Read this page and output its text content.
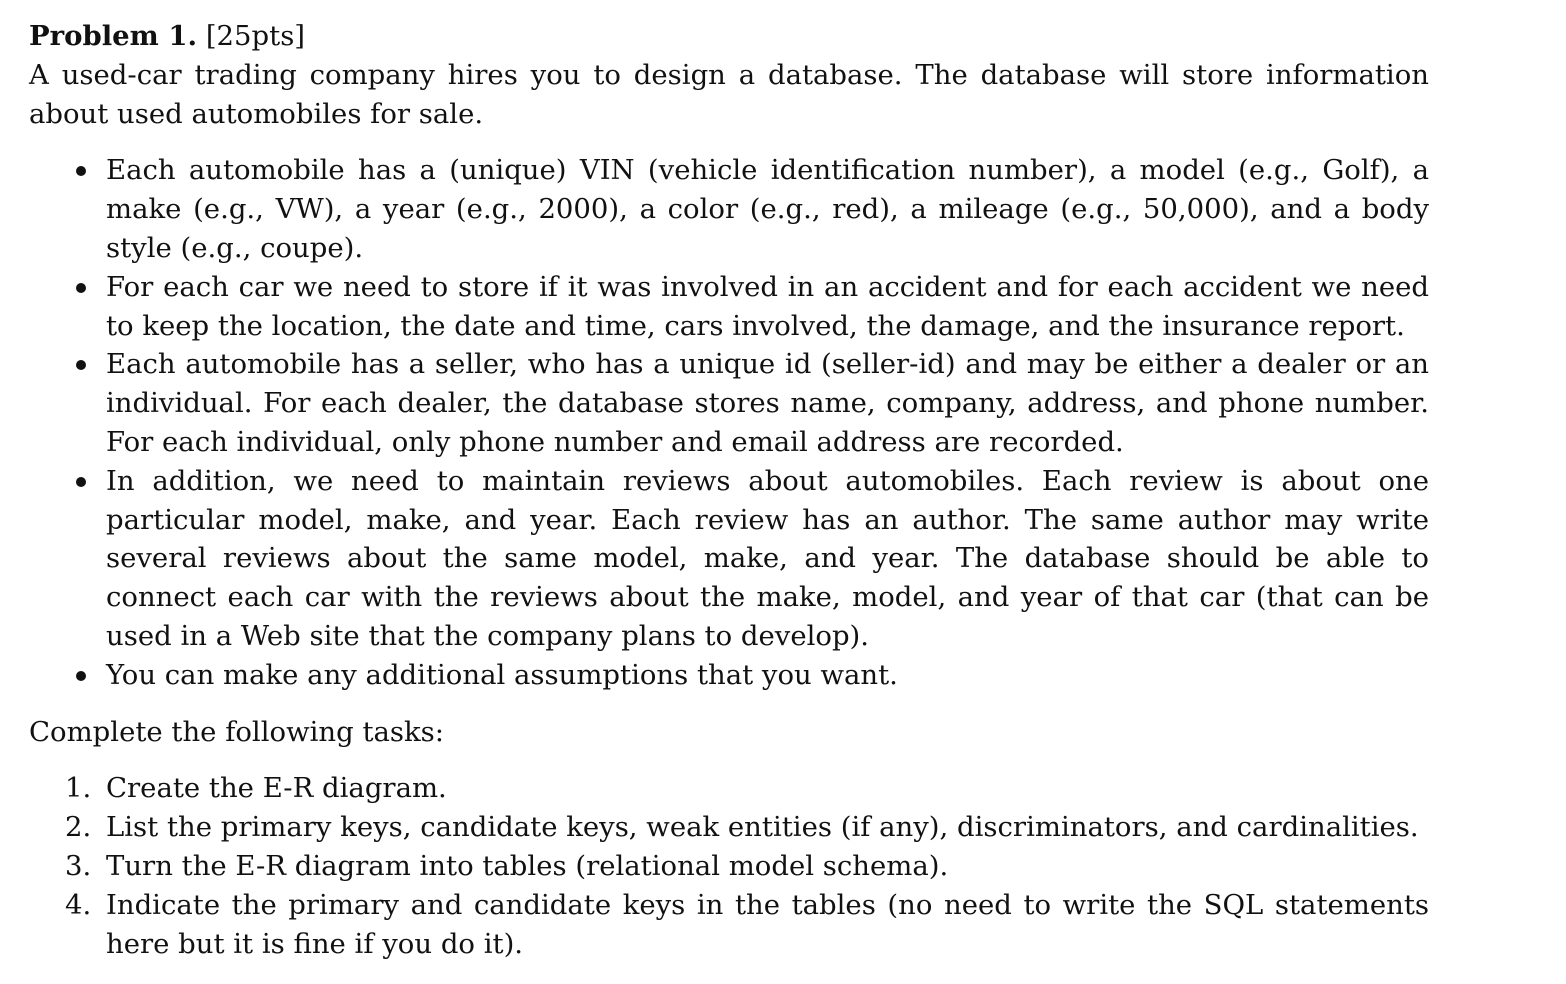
Problem 1. [25pts]

A used-car trading company hires you to design a database. The database will store information about used automobiles for sale.

Each automobile has a (unique) VIN (vehicle identification number), a model (e.g., Golf), a make (e.g., VW), a year (e.g., 2000), a color (e.g., red), a mileage (e.g., 50,000), and a body style (e.g., coupe).
For each car we need to store if it was involved in an accident and for each accident we need to keep the location, the date and time, cars involved, the damage, and the insurance report.
Each automobile has a seller, who has a unique id (seller-id) and may be either a dealer or an individual. For each dealer, the database stores name, company, address, and phone number. For each individual, only phone number and email address are recorded.
In addition, we need to maintain reviews about automobiles. Each review is about one particular model, make, and year. Each review has an author. The same author may write several reviews about the same model, make, and year. The database should be able to connect each car with the reviews about the make, model, and year of that car (that can be used in a Web site that the company plans to develop).
You can make any additional assumptions that you want.

Complete the following tasks:

1. Create the E-R diagram.
2. List the primary keys, candidate keys, weak entities (if any), discriminators, and cardinalities.
3. Turn the E-R diagram into tables (relational model schema).
4. Indicate the primary and candidate keys in the tables (no need to write the SQL statements here but it is fine if you do it).
